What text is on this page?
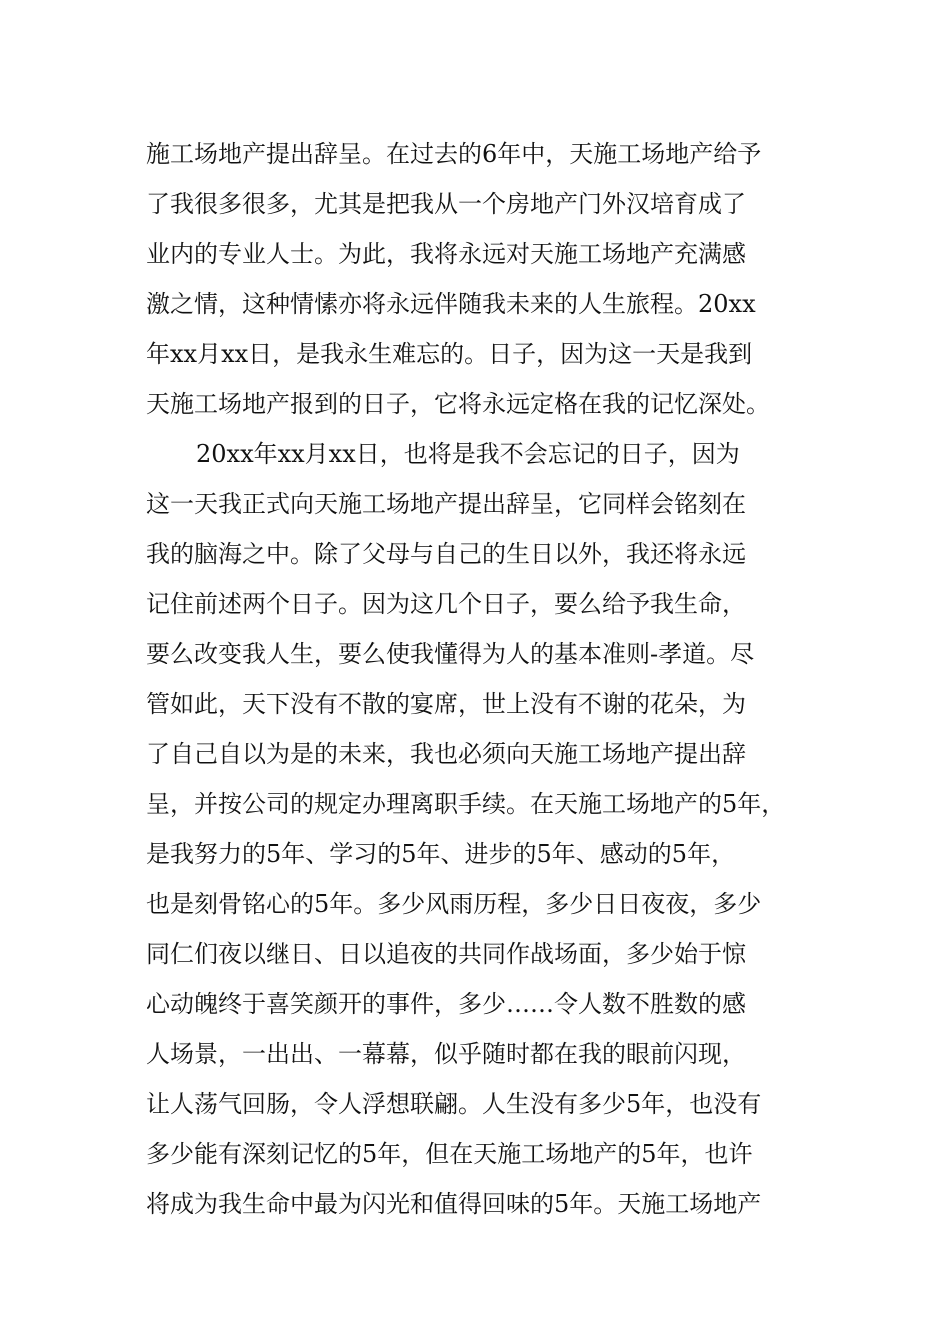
施工场地产提出辞呈。在过去的6年中，天施工场地产给予
了我很多很多，尤其是把我从一个房地产门外汉培育成了
业内的专业人士。为此，我将永远对天施工场地产充满感
激之情，这种情愫亦将永远伴随我未来的人生旅程。20xx
年xx月xx日，是我永生难忘的。日子，因为这一天是我到
天施工场地产报到的日子，它将永远定格在我的记忆深处。
20xx年xx月xx日，也将是我不会忘记的日子，因为
这一天我正式向天施工场地产提出辞呈，它同样会铭刻在
我的脑海之中。除了父母与自己的生日以外，我还将永远
记住前述两个日子。因为这几个日子，要么给予我生命，
要么改变我人生，要么使我懂得为人的基本准则-孝道。尽
管如此，天下没有不散的宴席，世上没有不谢的花朵，为
了自己自以为是的未来，我也必须向天施工场地产提出辞
呈，并按公司的规定办理离职手续。在天施工场地产的5年，
是我努力的5年、学习的5年、进步的5年、感动的5年，
也是刻骨铭心的5年。多少风雨历程，多少日日夜夜，多少
同仁们夜以继日、日以追夜的共同作战场面，多少始于惊
心动魄终于喜笑颜开的事件，多少……令人数不胜数的感
人场景，一出出、一幕幕，似乎随时都在我的眼前闪现，
让人荡气回肠，令人浮想联翩。人生没有多少5年，也没有
多少能有深刻记忆的5年，但在天施工场地产的5年，也许
将成为我生命中最为闪光和值得回味的5年。天施工场地产
